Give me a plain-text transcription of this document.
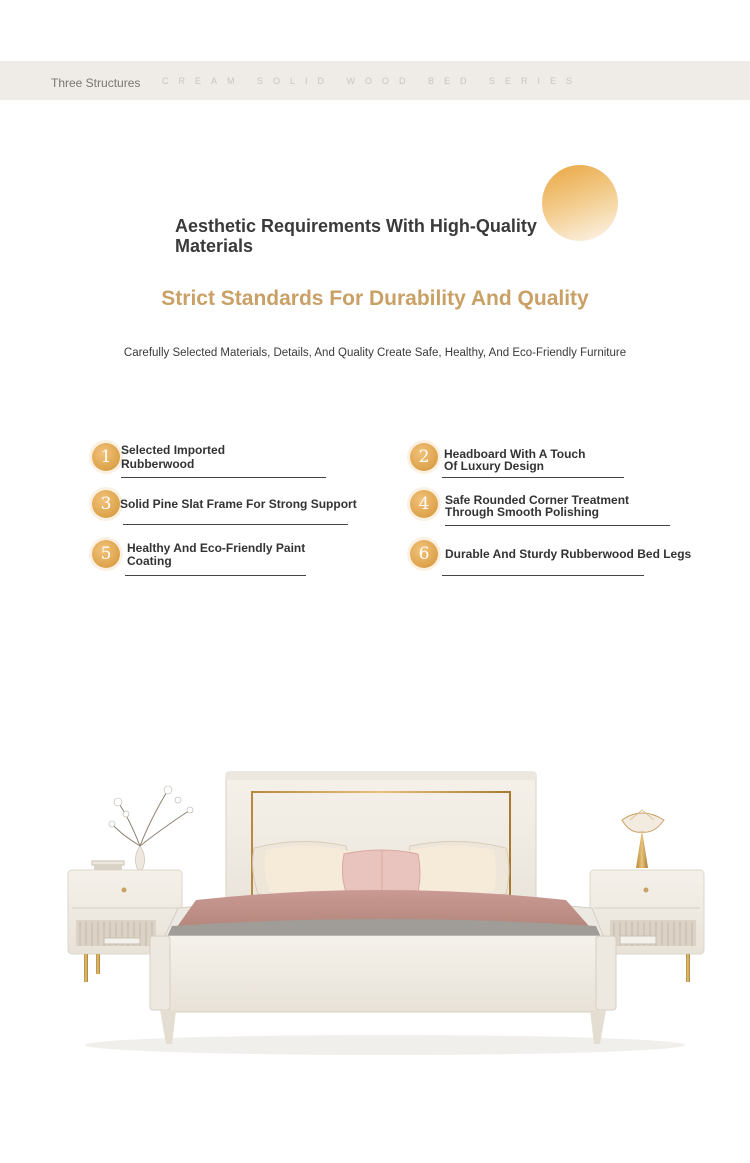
Three Structures CREAM SOLID WOOD BED SERIES
Aesthetic Requirements With High-Quality Materials
Strict Standards For Durability And Quality
Carefully Selected Materials, Details, And Quality Create Safe, Healthy, And Eco-Friendly Furniture
1 Selected Imported
Rubberwood	2	Headboard With A Touch
Of Luxury Design
3 Solid Pine Slat Frame For Strong Support	4	Safe Rounded Corner Treatment
Through Smooth Polishing
5	Healthy And Eco-Friendly Paint
Coating	6	Durable And Sturdy Rubberwood Bed Legs
